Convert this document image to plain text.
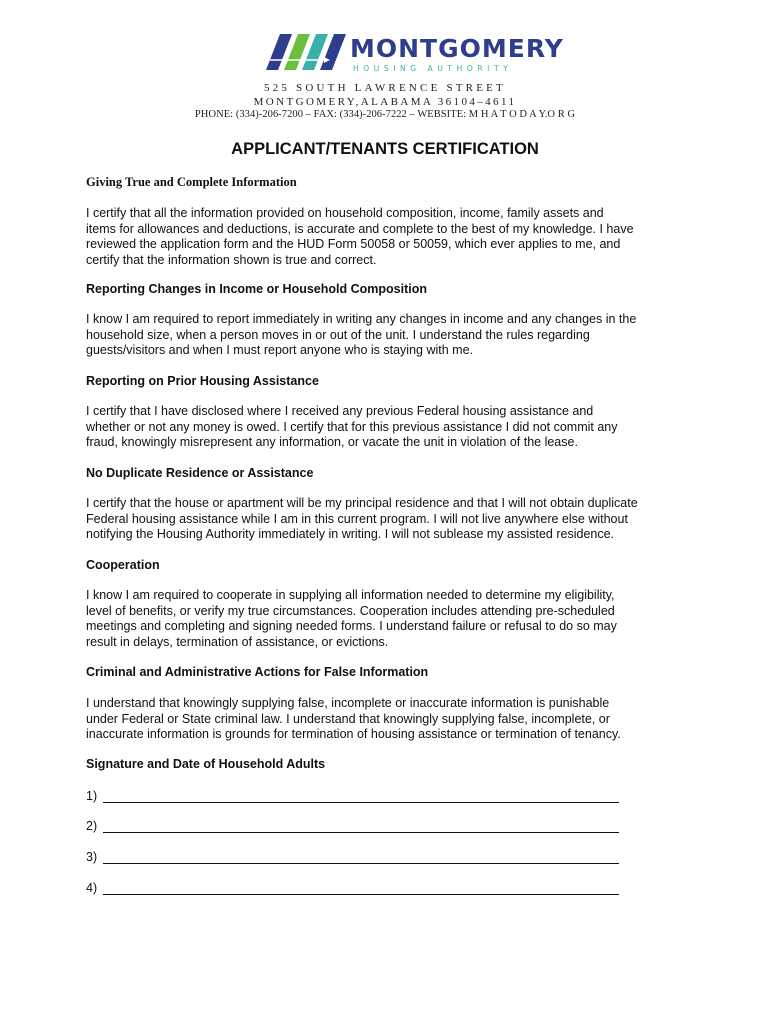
MONTGOMERY
HOUSING AUTHORITY
525 SOUTH LAWRENCE STREET
MONTGOMERY,ALABAMA 36104–4611
PHONE: (334)-206-7200 – FAX: (334)-206-7222 – WEBSITE: M H A T O D A Y.O R G
APPLICANT/TENANTS CERTIFICATION
Giving True and Complete Information
I certify that all the information provided on household composition, income, family assets and
items for allowances and deductions, is accurate and complete to the best of my knowledge. I have
reviewed the application form and the HUD Form 50058 or 50059, which ever applies to me, and
certify that the information shown is true and correct.
Reporting Changes in Income or Household Composition
I know I am required to report immediately in writing any changes in income and any changes in the
household size, when a person moves in or out of the unit. I understand the rules regarding
guests/visitors and when I must report anyone who is staying with me.
Reporting on Prior Housing Assistance
I certify that I have disclosed where I received any previous Federal housing assistance and
whether or not any money is owed. I certify that for this previous assistance I did not commit any
fraud, knowingly misrepresent any information, or vacate the unit in violation of the lease.
No Duplicate Residence or Assistance
I certify that the house or apartment will be my principal residence and that I will not obtain duplicate
Federal housing assistance while I am in this current program. I will not live anywhere else without
notifying the Housing Authority immediately in writing. I will not sublease my assisted residence.
Cooperation
I know I am required to cooperate in supplying all information needed to determine my eligibility,
level of benefits, or verify my true circumstances. Cooperation includes attending pre-scheduled
meetings and completing and signing needed forms. I understand failure or refusal to do so may
result in delays, termination of assistance, or evictions.
Criminal and Administrative Actions for False Information
I understand that knowingly supplying false, incomplete or inaccurate information is punishable
under Federal or State criminal law. I understand that knowingly supplying false, incomplete, or
inaccurate information is grounds for termination of housing assistance or termination of tenancy.
Signature and Date of Household Adults
1)
2)
3)
4)
